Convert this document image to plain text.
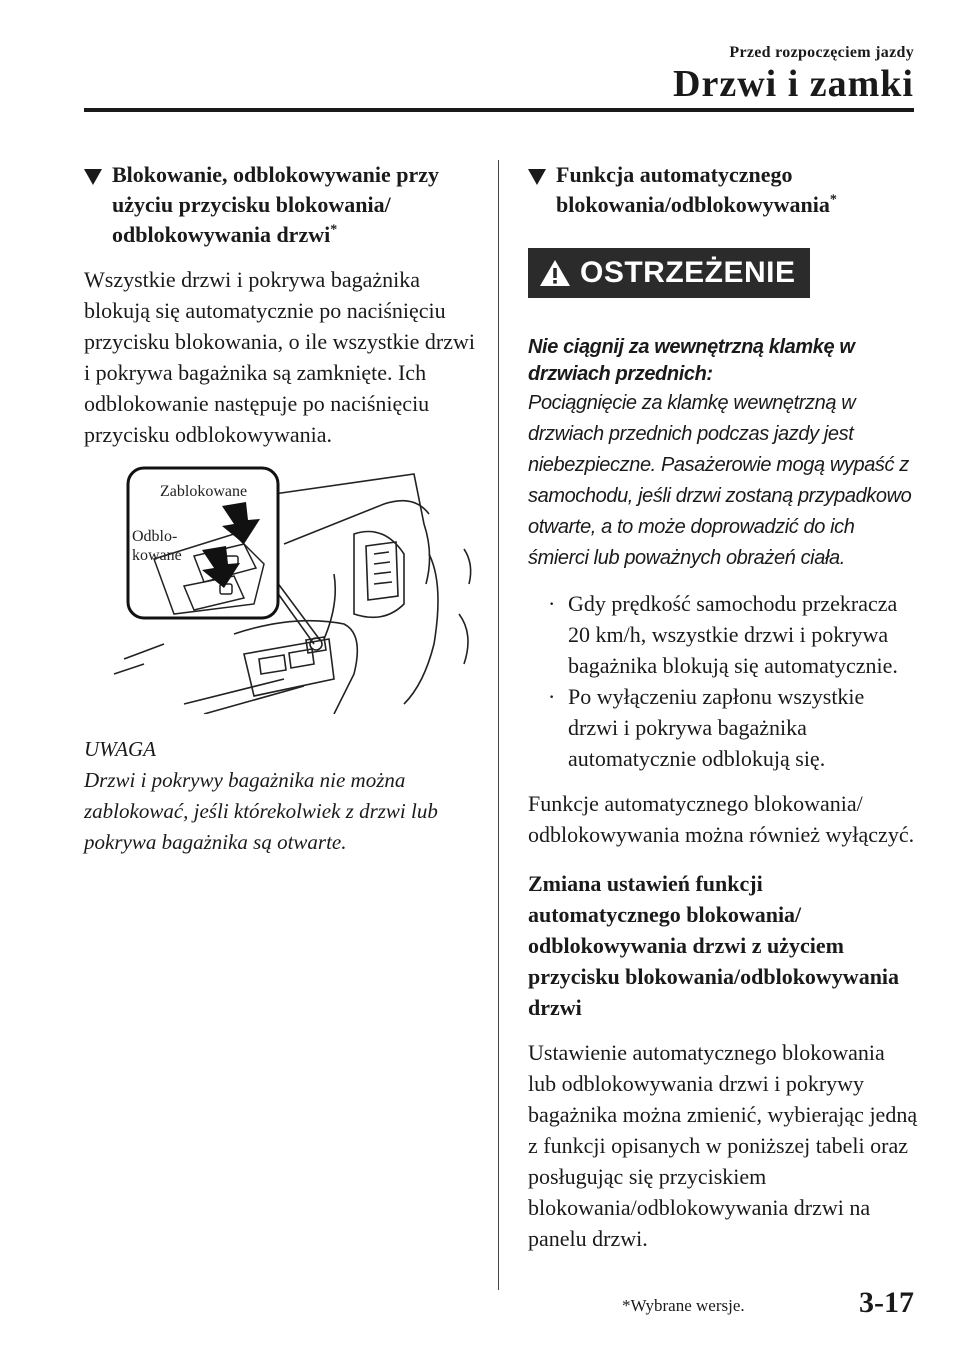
Przed rozpoczęciem jazdy
Drzwi i zamki
Blokowanie, odblokowywanie przy użyciu przycisku blokowania/ odblokowywania drzwi*

Wszystkie drzwi i pokrywa bagażnika blokują się automatycznie po naciśnięciu przycisku blokowania, o ile wszystkie drzwi i pokrywa bagażnika są zamknięte. Ich odblokowanie następuje po naciśnięciu przycisku odblokowywania.

Zablokowane
Odblo-
kowane
UWAGA
Drzwi i pokrywy bagażnika nie można zablokować, jeśli którekolwiek z drzwi lub pokrywa bagażnika są otwarte.
Funkcja automatycznego blokowania/odblokowywania*
OSTRZEŻENIE
Nie ciągnij za wewnętrzną klamkę w drzwiach przednich:
Pociągnięcie za klamkę wewnętrzną w drzwiach przednich podczas jazdy jest niebezpieczne. Pasażerowie mogą wypaść z samochodu, jeśli drzwi zostaną przypadkowo otwarte, a to może doprowadzić do ich śmierci lub poważnych obrażeń ciała.
· Gdy prędkość samochodu przekracza 20 km/h, wszystkie drzwi i pokrywa bagażnika blokują się automatycznie.
· Po wyłączeniu zapłonu wszystkie drzwi i pokrywa bagażnika automatycznie odblokują się.

Funkcje automatycznego blokowania/ odblokowywania można również wyłączyć.

Zmiana ustawień funkcji automatycznego blokowania/ odblokowywania drzwi z użyciem przycisku blokowania/odblokowywania drzwi

Ustawienie automatycznego blokowania lub odblokowywania drzwi i pokrywy bagażnika można zmienić, wybierając jedną z funkcji opisanych w poniższej tabeli oraz posługując się przyciskiem blokowania/odblokowywania drzwi na panelu drzwi.

*Wybrane wersje.	3-17
